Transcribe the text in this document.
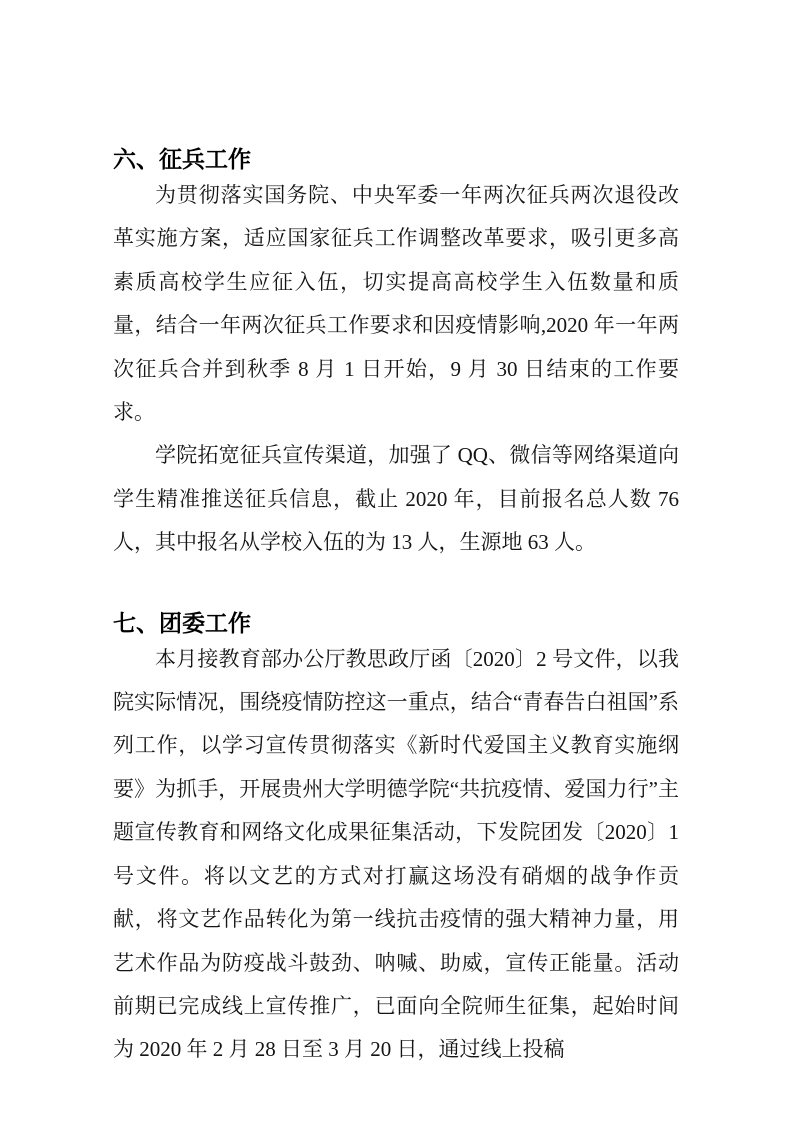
六、征兵工作

为贯彻落实国务院、中央军委一年两次征兵两次退役改革实施方案，适应国家征兵工作调整改革要求，吸引更多高素质高校学生应征入伍，切实提高高校学生入伍数量和质量，结合一年两次征兵工作要求和因疫情影响,2020 年一年两次征兵合并到秋季 8 月 1 日开始，9 月 30 日结束的工作要求。

学院拓宽征兵宣传渠道，加强了 QQ、微信等网络渠道向学生精准推送征兵信息，截止 2020 年，目前报名总人数 76 人，其中报名从学校入伍的为 13 人，生源地 63 人。

七、团委工作

本月接教育部办公厅教思政厅函〔2020〕2 号文件，以我院实际情况，围绕疫情防控这一重点，结合“青春告白祖国”系列工作，以学习宣传贯彻落实《新时代爱国主义教育实施纲要》为抓手，开展贵州大学明德学院“共抗疫情、爱国力行”主题宣传教育和网络文化成果征集活动，下发院团发〔2020〕1 号文件。将以文艺的方式对打赢这场没有硝烟的战争作贡献，将文艺作品转化为第一线抗击疫情的强大精神力量，用艺术作品为防疫战斗鼓劲、呐喊、助威，宣传正能量。活动前期已完成线上宣传推广，已面向全院师生征集，起始时间为 2020 年 2 月 28 日至 3 月 20 日，通过线上投稿
